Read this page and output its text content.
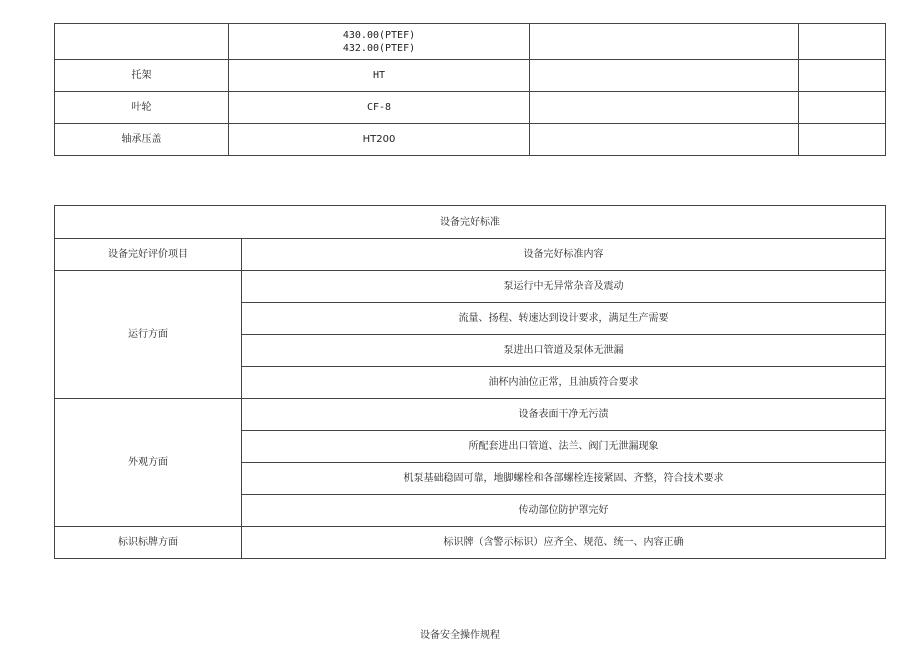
	430.00(PTEF)
432.00(PTEF)		

托架	HT		
叶轮	CF-8		
轴承压盖	HT200		
设备完好标准	
设备完好评价项目	设备完好标准内容
运行方面	泵运行中无异常杂音及震动
	流量、扬程、转速达到设计要求，满足生产需要
	泵进出口管道及泵体无泄漏
	油杯内油位正常，且油质符合要求
外观方面	设备表面干净无污渍
	所配套进出口管道、法兰、阀门无泄漏现象
	机泵基础稳固可靠，地脚螺栓和各部螺栓连接紧固、齐整，符合技术要求
	传动部位防护罩完好
标识标牌方面	标识牌（含警示标识）应齐全、规范、统一、内容正确
设备安全操作规程
